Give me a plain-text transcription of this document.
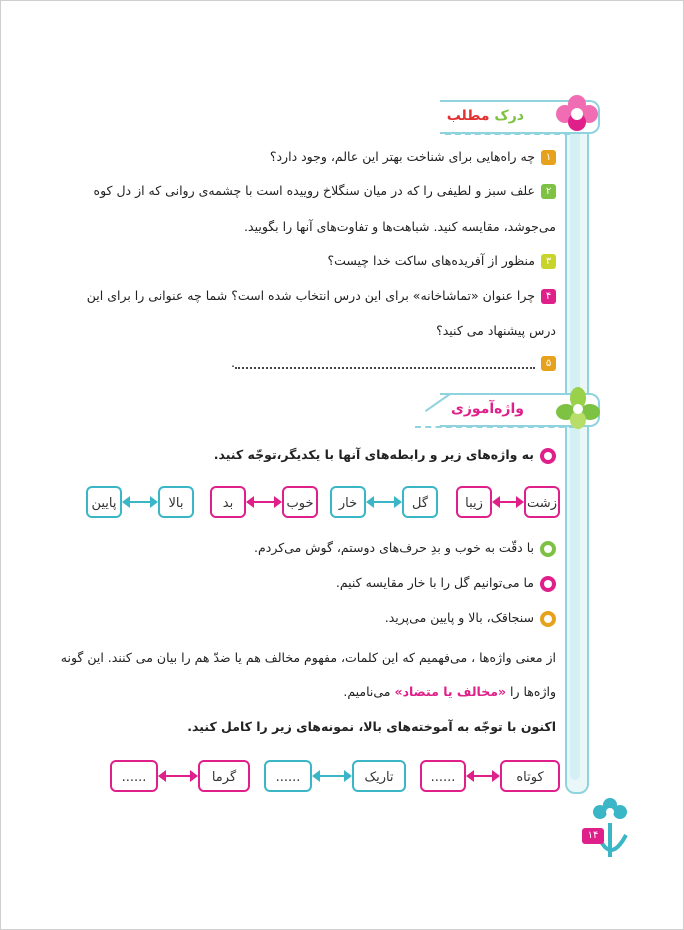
درک مطلب
۱چه راه‌هایی برای شناخت بهتر این عالم، وجود دارد؟
۲علف سبز و لطیفی را که در میان سنگلاخ روییده است با چشمه‌ی روانی که از دل کوه
می‌جوشد، مقایسه کنید. شباهت‌ها و تفاوت‌های آنها را بگویید.
۳منظور از آفریده‌های ساکت خدا چیست؟
۴چرا عنوان «تماشاخانه» برای این درس انتخاب شده است؟ شما چه عنوانی را برای این
درس پیشنهاد می کنید؟
۵.
واژه‌آموزی
به واژه‌های زیر و رابطه‌های آنها با یکدیگر،توجّه کنید.
زشت
زیبا
گل
خار
خوب
بد
بالا
پایین
با دقّت به خوب و بدِ حرف‌های دوستم، گوش می‌کردم.
ما می‌توانیم گل را با خار مقایسه کنیم.
سنجاقک، بالا و پایین می‌پرید.
از معنی واژه‌ها ، می‌فهمیم که این کلمات، مفهوم مخالف هم یا ضدّ هم را بیان می کنند. این گونه
واژه‌ها را «مخالف یا متضاد» می‌نامیم.
اکنون با توجّه به آموخته‌های بالا، نمونه‌های زیر را کامل کنید.
کوتاه
......
تاریک
......
گرما
......
۱۴
